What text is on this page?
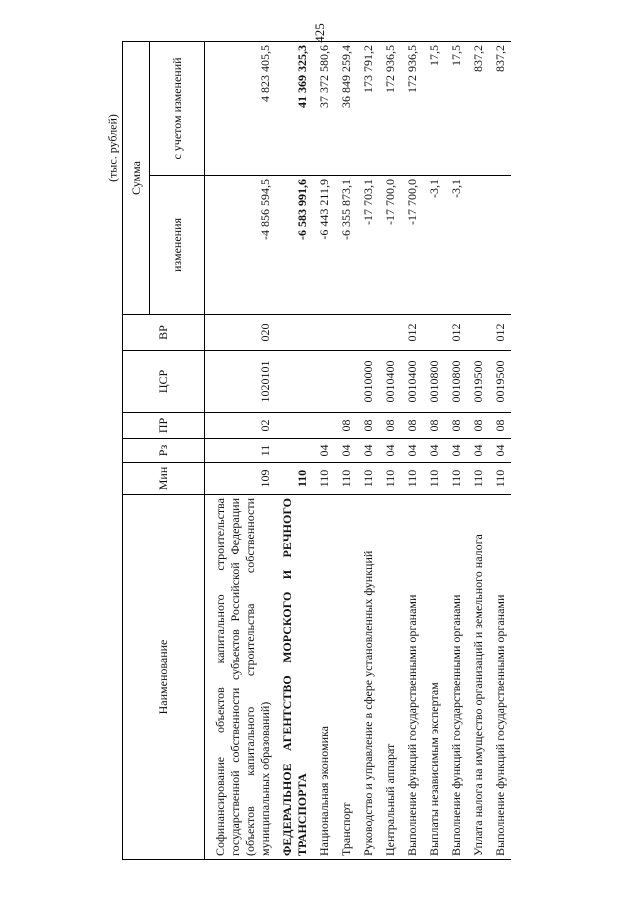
425
(тыс. рублей)
Наименование	Мин	Рз	ПР	ЦСР	ВР	Сумма	
						изменения	с учетом изменений
Софинансирование объектов капитального строительства государственной собственности субъектов Российской Федерации (объектов капитального строительства собственности муниципальных образований)	109	11	02	1020101	020	-4 856 594,5	4 823 405,5
ФЕДЕРАЛЬНОЕ АГЕНТСТВО МОРСКОГО И РЕЧНОГО ТРАНСПОРТА	110					-6 583 991,6	41 369 325,3
Национальная экономика	110	04				-6 443 211,9	37 372 580,6
Транспорт	110	04	08			-6 355 873,1	36 849 259,4
Руководство и управление в сфере установленных функций	110	04	08	0010000		-17 703,1	173 791,2
Центральный аппарат	110	04	08	0010400		-17 700,0	172 936,5
Выполнение функций государственными органами	110	04	08	0010400	012	-17 700,0	172 936,5
Выплаты независимым экспертам	110	04	08	0010800		-3,1	17,5
Выполнение функций государственными органами	110	04	08	0010800	012	-3,1	17,5
Уплата налога на имущество организаций и земельного налога	110	04	08	0019500			837,2
Выполнение функций государственными органами	110	04	08	0019500	012		837,2
